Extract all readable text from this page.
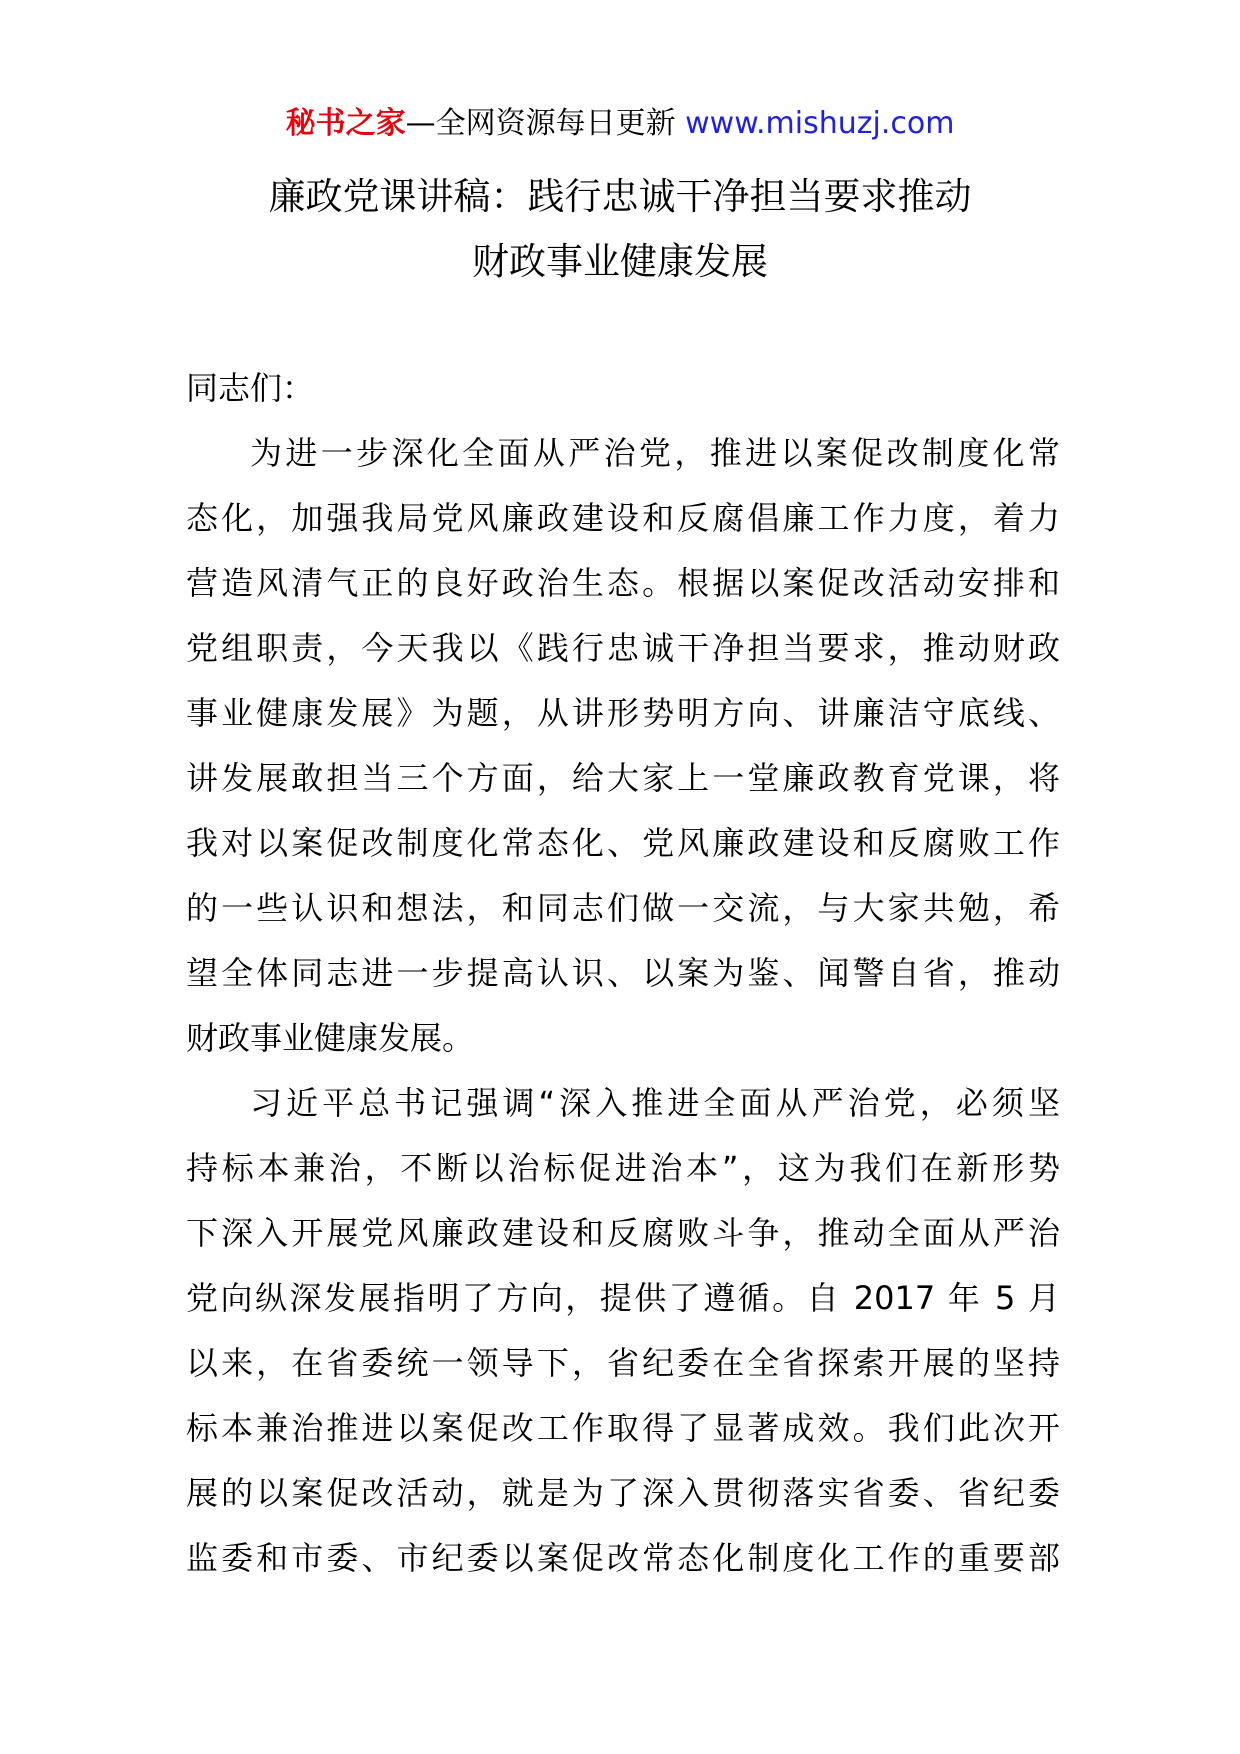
秘书之家—全网资源每日更新 www.mishuzj.com
廉政党课讲稿：践行忠诚干净担当要求推动
财政事业健康发展

同志们：

为进一步深化全面从严治党，推进以案促改制度化常
态化，加强我局党风廉政建设和反腐倡廉工作力度，着力
营造风清气正的良好政治生态。根据以案促改活动安排和
党组职责，今天我以《践行忠诚干净担当要求，推动财政
事业健康发展》为题，从讲形势明方向、讲廉洁守底线、
讲发展敢担当三个方面，给大家上一堂廉政教育党课，将
我对以案促改制度化常态化、党风廉政建设和反腐败工作
的一些认识和想法，和同志们做一交流，与大家共勉，希
望全体同志进一步提高认识、以案为鉴、闻警自省，推动
财政事业健康发展。

习近平总书记强调“深入推进全面从严治党，必须坚
持标本兼治，不断以治标促进治本”，这为我们在新形势
下深入开展党风廉政建设和反腐败斗争，推动全面从严治
党向纵深发展指明了方向，提供了遵循。自 2017 年 5 月
以来，在省委统一领导下，省纪委在全省探索开展的坚持
标本兼治推进以案促改工作取得了显著成效。我们此次开
展的以案促改活动，就是为了深入贯彻落实省委、省纪委
监委和市委、市纪委以案促改常态化制度化工作的重要部
